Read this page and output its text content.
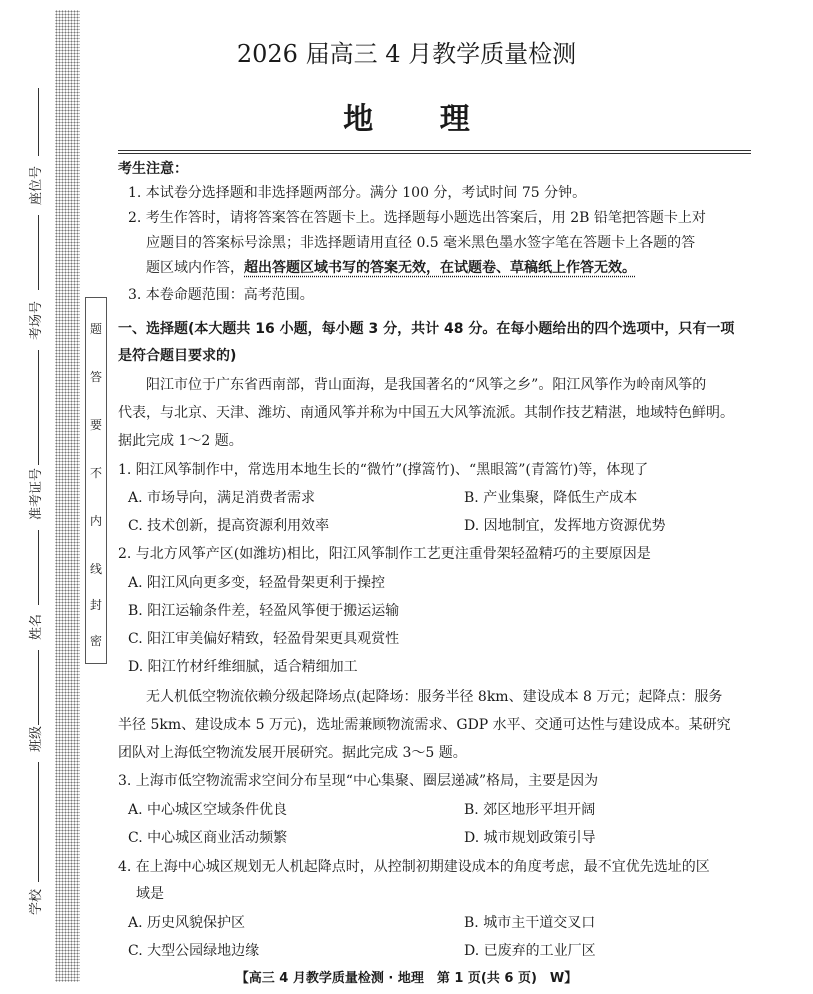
题
答
要
不
内
线
封
密
座位号
考场号
准考证号
姓名
班级
学校
2026 届高三 4 月教学质量检测
地 理
考生注意：
1. 本试卷分选择题和非选择题两部分。满分 100 分，考试时间 75 分钟。
2. 考生作答时，请将答案答在答题卡上。选择题每小题选出答案后，用 2B 铅笔把答题卡上对
应题目的答案标号涂黑；非选择题请用直径 0.5 毫米黑色墨水签字笔在答题卡上各题的答
题区域内作答，超出答题区域书写的答案无效，在试题卷、草稿纸上作答无效。
3. 本卷命题范围：高考范围。
一、选择题(本大题共 16 小题，每小题 3 分，共计 48 分。在每小题给出的四个选项中，只有一项
是符合题目要求的)
阳江市位于广东省西南部，背山面海，是我国著名的“风筝之乡”。阳江风筝作为岭南风筝的
代表，与北京、天津、潍坊、南通风筝并称为中国五大风筝流派。其制作技艺精湛，地域特色鲜明。
据此完成 1～2 题。
1. 阳江风筝制作中，常选用本地生长的“微竹”(撑篙竹)、“黑眼篙”(青篙竹)等，体现了
A. 市场导向，满足消费者需求	B. 产业集聚，降低生产成本
C. 技术创新，提高资源利用效率	D. 因地制宜，发挥地方资源优势
2. 与北方风筝产区(如潍坊)相比，阳江风筝制作工艺更注重骨架轻盈精巧的主要原因是
A. 阳江风向更多变，轻盈骨架更利于操控
B. 阳江运输条件差，轻盈风筝便于搬运运输
C. 阳江审美偏好精致，轻盈骨架更具观赏性
D. 阳江竹材纤维细腻，适合精细加工
无人机低空物流依赖分级起降场点(起降场：服务半径 8km、建设成本 8 万元；起降点：服务
半径 5km、建设成本 5 万元)，选址需兼顾物流需求、GDP 水平、交通可达性与建设成本。某研究
团队对上海低空物流发展开展研究。据此完成 3～5 题。
3. 上海市低空物流需求空间分布呈现“中心集聚、圈层递减”格局，主要是因为
A. 中心城区空域条件优良	B. 郊区地形平坦开阔
C. 中心城区商业活动频繁	D. 城市规划政策引导
4. 在上海中心城区规划无人机起降点时，从控制初期建设成本的角度考虑，最不宜优先选址的区
域是
A. 历史风貌保护区	B. 城市主干道交叉口
C. 大型公园绿地边缘	D. 已废弃的工业厂区
【高三 4 月教学质量检测 · 地理　第 1 页(共 6 页)　W】
